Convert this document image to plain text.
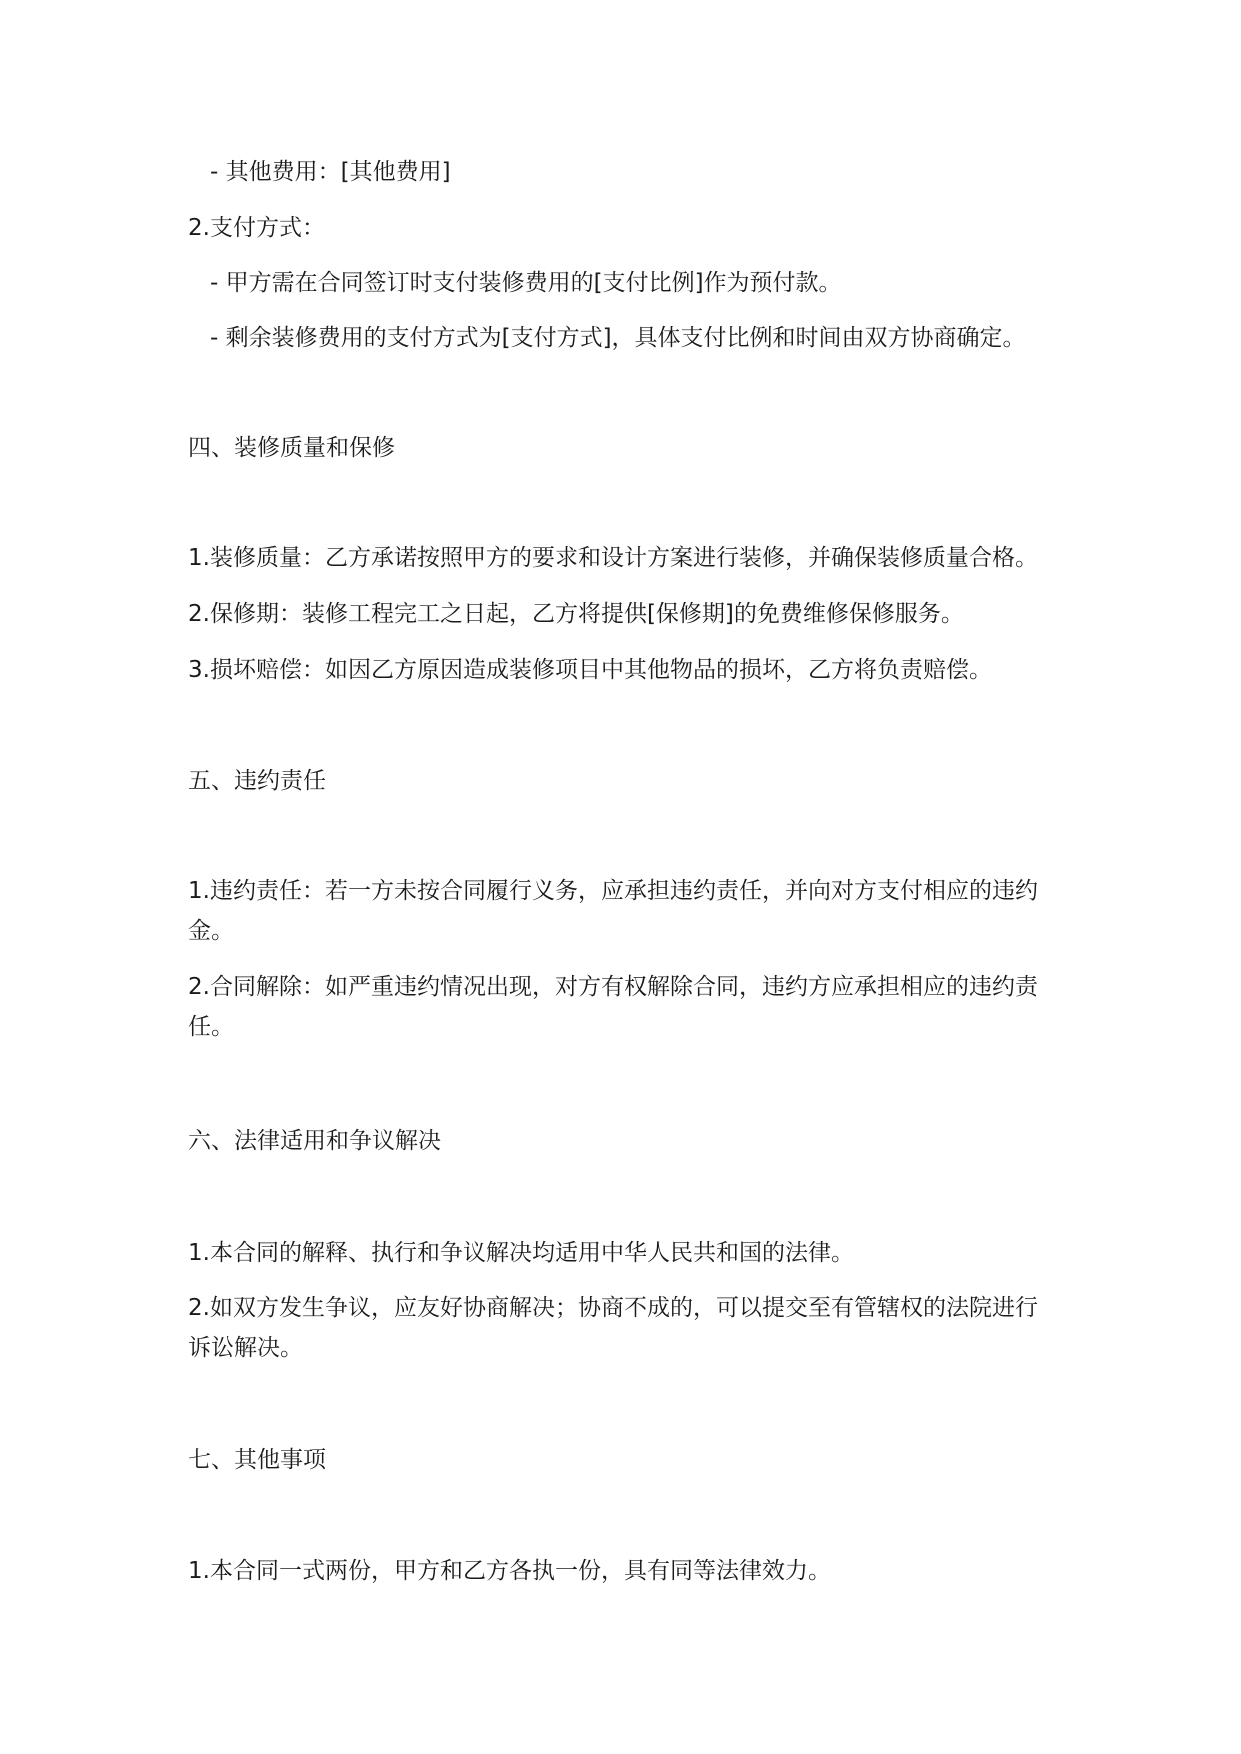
- 其他费用：[其他费用]

2.支付方式：

- 甲方需在合同签订时支付装修费用的[支付比例]作为预付款。

- 剩余装修费用的支付方式为[支付方式]，具体支付比例和时间由双方协商确定。

四、装修质量和保修

1.装修质量：乙方承诺按照甲方的要求和设计方案进行装修，并确保装修质量合格。

2.保修期：装修工程完工之日起，乙方将提供[保修期]的免费维修保修服务。

3.损坏赔偿：如因乙方原因造成装修项目中其他物品的损坏，乙方将负责赔偿。

五、违约责任

1.违约责任：若一方未按合同履行义务，应承担违约责任，并向对方支付相应的违约金。

2.合同解除：如严重违约情况出现，对方有权解除合同，违约方应承担相应的违约责任。

六、法律适用和争议解决

1.本合同的解释、执行和争议解决均适用中华人民共和国的法律。

2.如双方发生争议，应友好协商解决；协商不成的，可以提交至有管辖权的法院进行诉讼解决。

七、其他事项

1.本合同一式两份，甲方和乙方各执一份，具有同等法律效力。
